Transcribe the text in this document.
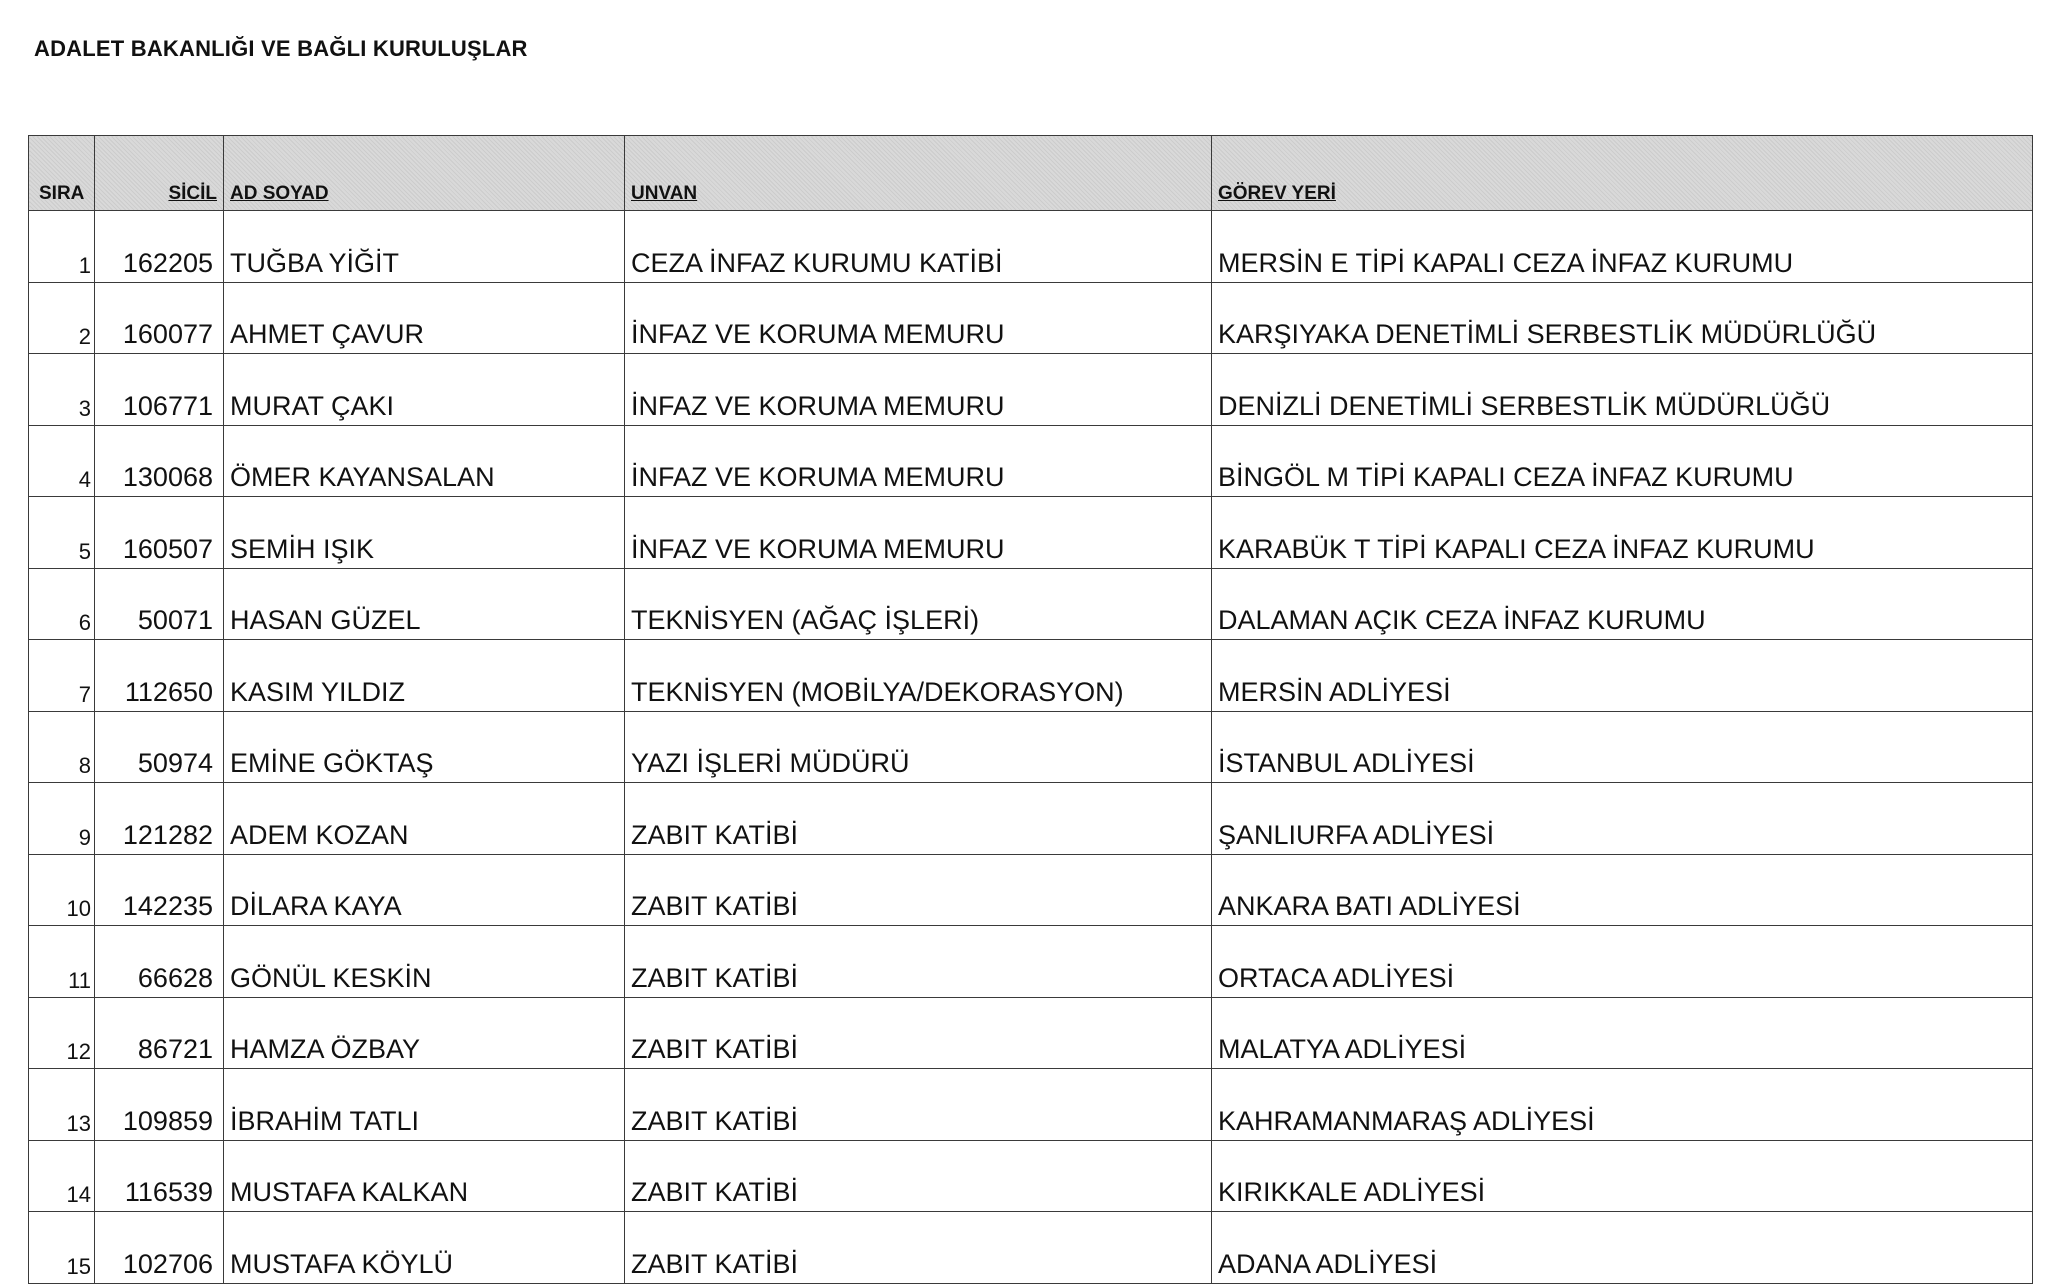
ADALET BAKANLIĞI VE BAĞLI KURULUŞLAR
SIRA	SİCİL	AD SOYAD	UNVAN	GÖREV YERİ
1	162205	TUĞBA YİĞİT	CEZA İNFAZ KURUMU KATİBİ	MERSİN E TİPİ KAPALI CEZA İNFAZ KURUMU
2	160077	AHMET ÇAVUR	İNFAZ VE KORUMA MEMURU	KARŞIYAKA DENETİMLİ SERBESTLİK MÜDÜRLÜĞÜ
3	106771	MURAT ÇAKI	İNFAZ VE KORUMA MEMURU	DENİZLİ DENETİMLİ SERBESTLİK MÜDÜRLÜĞÜ
4	130068	ÖMER KAYANSALAN	İNFAZ VE KORUMA MEMURU	BİNGÖL M TİPİ KAPALI CEZA İNFAZ KURUMU
5	160507	SEMİH IŞIK	İNFAZ VE KORUMA MEMURU	KARABÜK T TİPİ KAPALI CEZA İNFAZ KURUMU
6	50071	HASAN GÜZEL	TEKNİSYEN (AĞAÇ İŞLERİ)	DALAMAN AÇIK CEZA İNFAZ KURUMU
7	112650	KASIM YILDIZ	TEKNİSYEN (MOBİLYA/DEKORASYON)	MERSİN ADLİYESİ
8	50974	EMİNE GÖKTAŞ	YAZI İŞLERİ MÜDÜRÜ	İSTANBUL ADLİYESİ
9	121282	ADEM KOZAN	ZABIT KATİBİ	ŞANLIURFA ADLİYESİ
10	142235	DİLARA KAYA	ZABIT KATİBİ	ANKARA BATI ADLİYESİ
11	66628	GÖNÜL KESKİN	ZABIT KATİBİ	ORTACA ADLİYESİ
12	86721	HAMZA ÖZBAY	ZABIT KATİBİ	MALATYA ADLİYESİ
13	109859	İBRAHİM TATLI	ZABIT KATİBİ	KAHRAMANMARAŞ ADLİYESİ
14	116539	MUSTAFA KALKAN	ZABIT KATİBİ	KIRIKKALE ADLİYESİ
15	102706	MUSTAFA KÖYLÜ	ZABIT KATİBİ	ADANA ADLİYESİ
